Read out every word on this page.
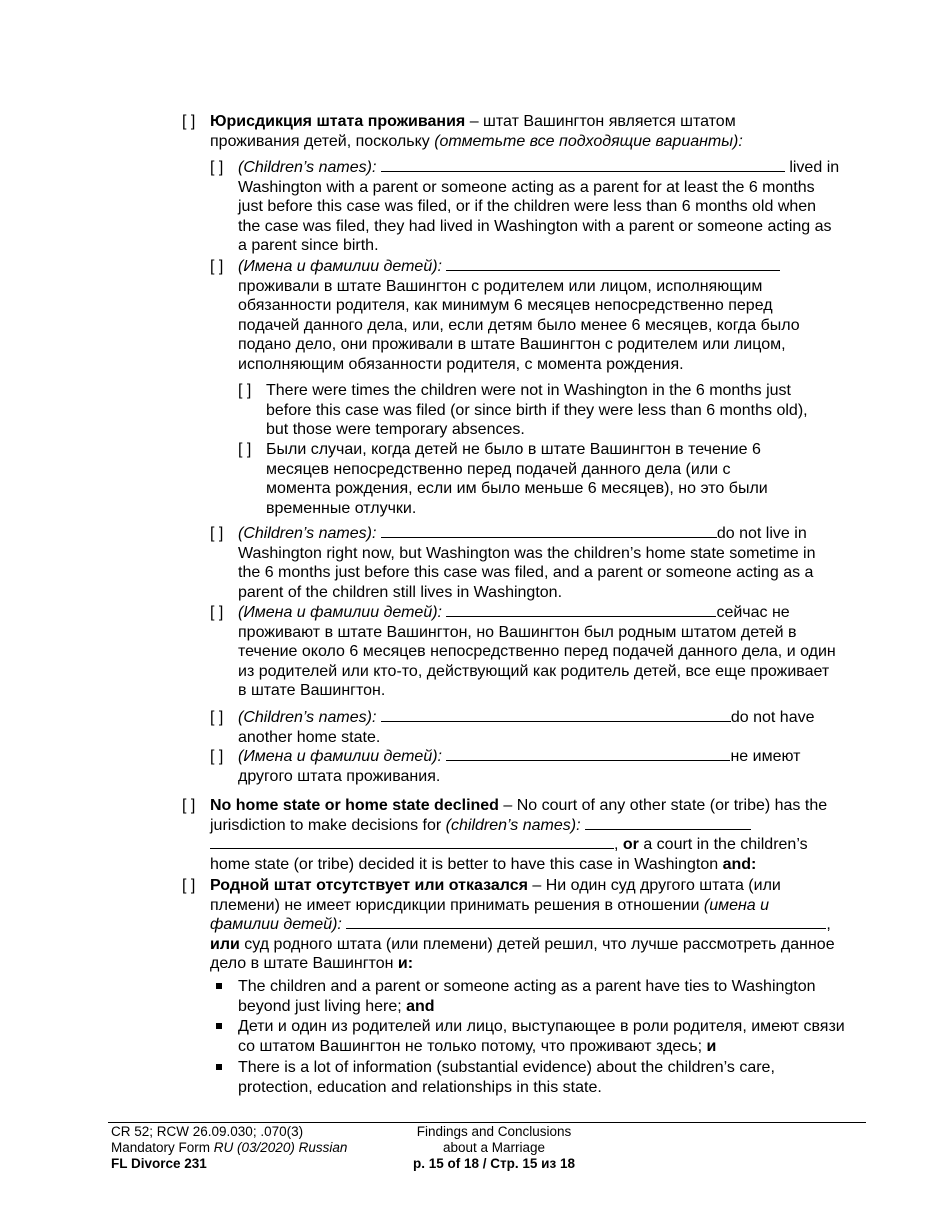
[ ] Юрисдикция штата проживания – штат Вашингтон является штатом проживания детей, поскольку (отметьте все подходящие варианты):
[ ] (Children’s names):	lived in Washington with a parent or someone acting as a parent for at least the 6 months just before this case was filed, or if the children were less than 6 months old when the case was filed, they had lived in Washington with a parent or someone acting as a parent since birth.
[ ] (Имена и фамилии детей):  проживали в штате Вашингтон с родителем или лицом, исполняющим обязанности родителя, как минимум 6 месяцев непосредственно перед подачей данного дела, или, если детям было менее 6 месяцев, когда было подано дело, они проживали в штате Вашингтон с родителем или лицом, исполняющим обязанности родителя, с момента рождения.
[ ] There were times the children were not in Washington in the 6 months just before this case was filed (or since birth if they were less than 6 months old), but those were temporary absences.
[ ] Были случаи, когда детей не было в штате Вашингтон в течение 6 месяцев непосредственно перед подачей данного дела (или с момента рождения, если им было меньше 6 месяцев), но это были временные отлучки.
[ ] (Children’s names):	do not live in Washington right now, but Washington was the children’s home state sometime in the 6 months just before this case was filed, and a parent or someone acting as a parent of the children still lives in Washington.
[ ] (Имена и фамилии детей):	сейчас не проживают в штате Вашингтон, но Вашингтон был родным штатом детей в течение около 6 месяцев непосредственно перед подачей данного дела, и один из родителей или кто-то, действующий как родитель детей, все еще проживает в штате Вашингтон.
[ ] (Children’s names):	do not have another home state.
[ ] (Имена и фамилии детей):	не имеют другого штата проживания.
[ ] No home state or home state declined – No court of any other state (or tribe) has the jurisdiction to make decisions for (children’s names):
, or a court in the children’s
home state (or tribe) decided it is better to have this case in Washington and:
[ ] Родной штат отсутствует или отказался – Ни один суд другого штата (или племени) не имеет юрисдикции принимать решения в отношении (имена и фамилии детей):	,
или суд родного штата (или племени) детей решил, что лучше рассмотреть данное дело в штате Вашингтон и:
The children and a parent or someone acting as a parent have ties to Washington beyond just living here; and
Дети и один из родителей или лицо, выступающее в роли родителя, имеют связи со штатом Вашингтон не только потому, что проживают здесь; и
There is a lot of information (substantial evidence) about the children’s care, protection, education and relationships in this state.
CR 52; RCW 26.09.030; .070(3)
Mandatory Form RU (03/2020) Russian
FL Divorce 231
Findings and Conclusions
about a Marriage
p. 15 of 18 / Стр. 15 из 18
